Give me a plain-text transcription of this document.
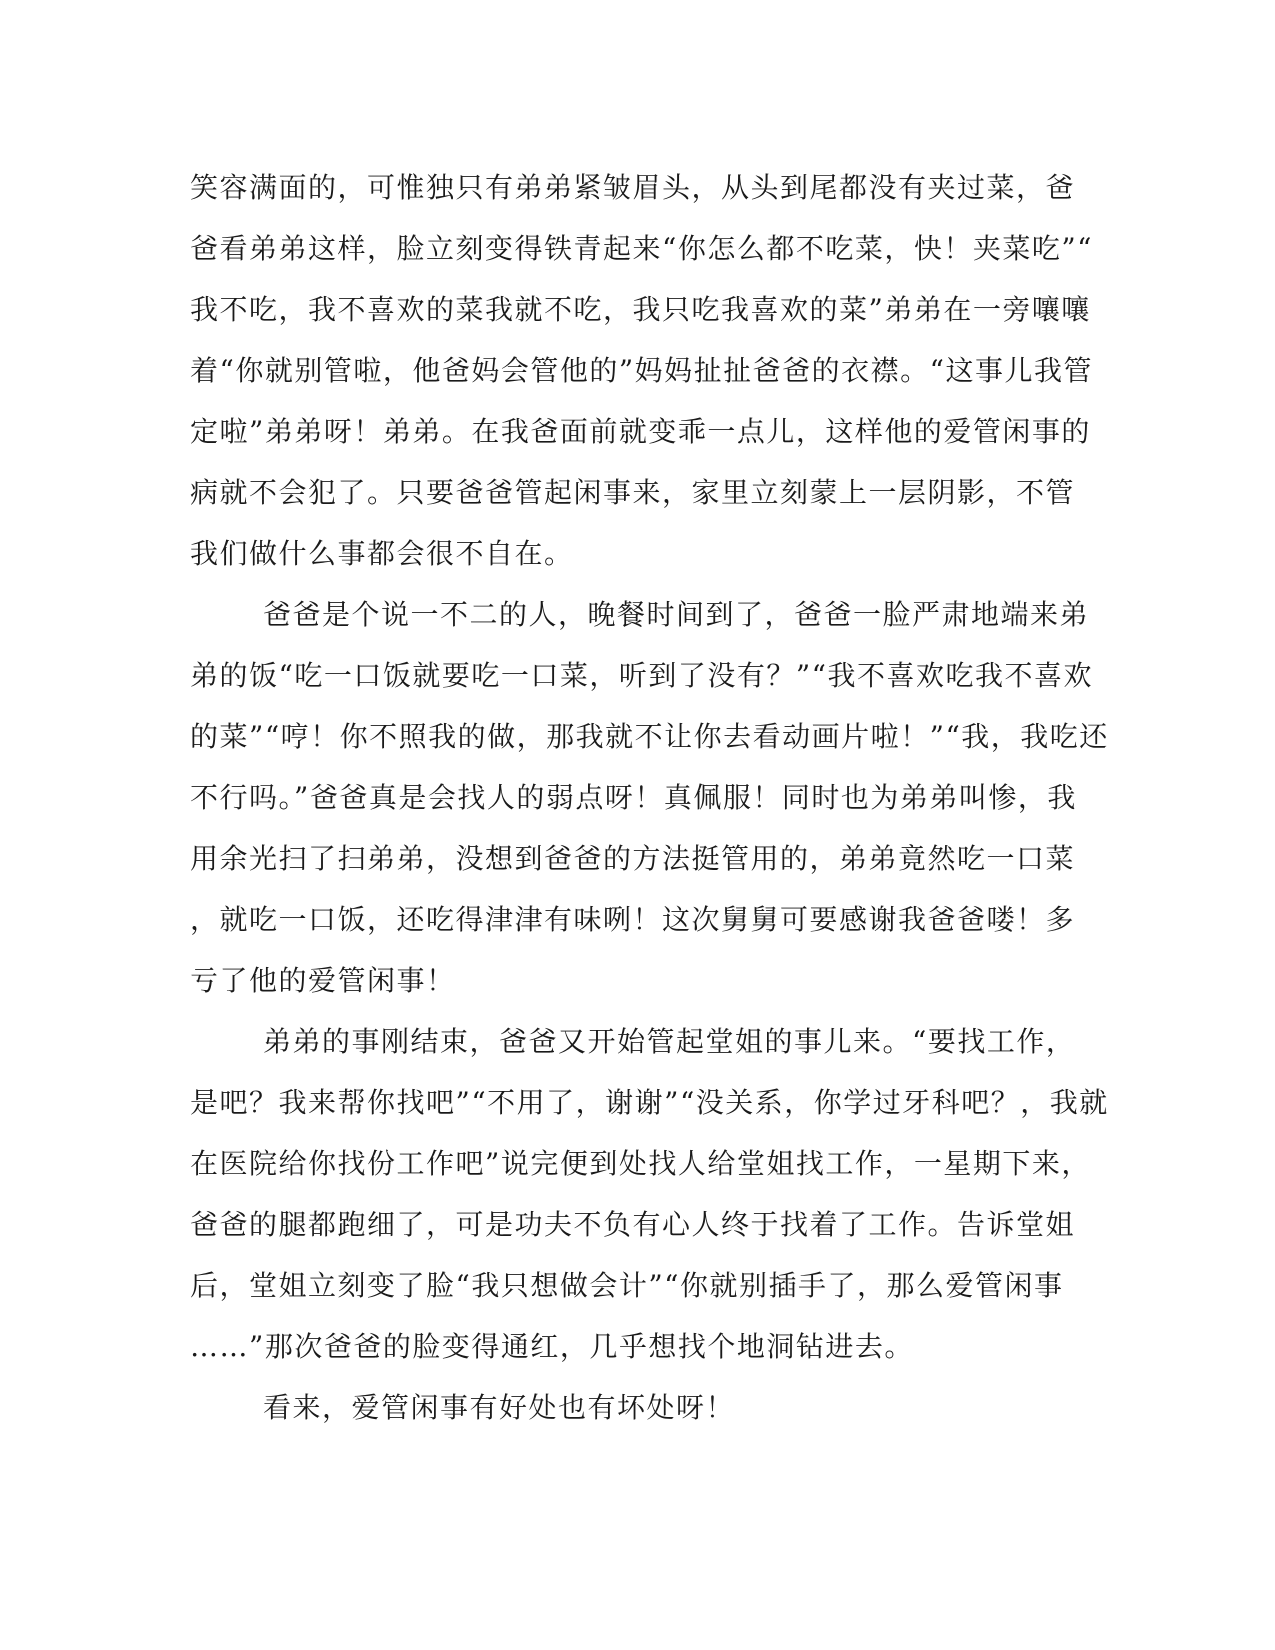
笑容满面的，可惟独只有弟弟紧皱眉头，从头到尾都没有夹过菜，爸
爸看弟弟这样，脸立刻变得铁青起来“你怎么都不吃菜，快！夹菜吃”“
我不吃，我不喜欢的菜我就不吃，我只吃我喜欢的菜”弟弟在一旁嚷嚷
着“你就别管啦，他爸妈会管他的”妈妈扯扯爸爸的衣襟。“这事儿我管
定啦”弟弟呀！弟弟。在我爸面前就变乖一点儿，这样他的爱管闲事的
病就不会犯了。只要爸爸管起闲事来，家里立刻蒙上一层阴影，不管
我们做什么事都会很不自在。
爸爸是个说一不二的人，晚餐时间到了，爸爸一脸严肃地端来弟
弟的饭“吃一口饭就要吃一口菜，听到了没有？”“我不喜欢吃我不喜欢
的菜”“哼！你不照我的做，那我就不让你去看动画片啦！”“我，我吃还
不行吗。”爸爸真是会找人的弱点呀！真佩服！同时也为弟弟叫惨，我
用余光扫了扫弟弟，没想到爸爸的方法挺管用的，弟弟竟然吃一口菜
，就吃一口饭，还吃得津津有味咧！这次舅舅可要感谢我爸爸喽！多
亏了他的爱管闲事！
弟弟的事刚结束，爸爸又开始管起堂姐的事儿来。“要找工作，
是吧？我来帮你找吧”“不用了，谢谢”“没关系，你学过牙科吧？，我就
在医院给你找份工作吧”说完便到处找人给堂姐找工作，一星期下来，
爸爸的腿都跑细了，可是功夫不负有心人终于找着了工作。告诉堂姐
后，堂姐立刻变了脸“我只想做会计”“你就别插手了，那么爱管闲事
……”那次爸爸的脸变得通红，几乎想找个地洞钻进去。
看来，爱管闲事有好处也有坏处呀！
